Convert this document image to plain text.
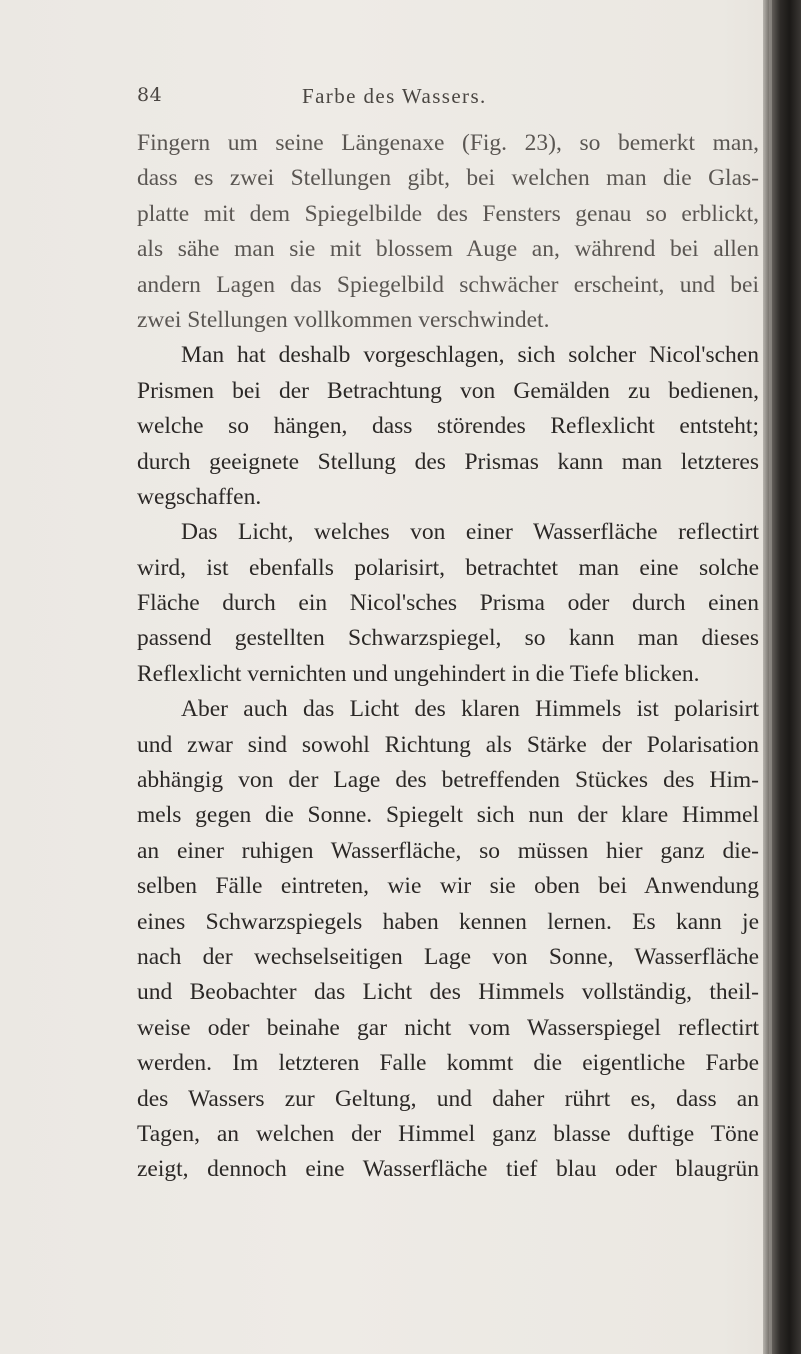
84	Farbe des Wassers.
Fingern um seine Längenaxe (Fig. 23), so bemerkt man,
dass es zwei Stellungen gibt, bei welchen man die Glas-
platte mit dem Spiegelbilde des Fensters genau so erblickt,
als sähe man sie mit blossem Auge an, während bei allen
andern Lagen das Spiegelbild schwächer erscheint, und bei
zwei Stellungen vollkommen verschwindet.
Man hat deshalb vorgeschlagen, sich solcher Nicol'schen
Prismen bei der Betrachtung von Gemälden zu bedienen,
welche so hängen, dass störendes Reflexlicht entsteht;
durch geeignete Stellung des Prismas kann man letzteres
wegschaffen.
Das Licht, welches von einer Wasserfläche reflectirt
wird, ist ebenfalls polarisirt, betrachtet man eine solche
Fläche durch ein Nicol'sches Prisma oder durch einen
passend gestellten Schwarzspiegel, so kann man dieses
Reflexlicht vernichten und ungehindert in die Tiefe blicken.
Aber auch das Licht des klaren Himmels ist polarisirt
und zwar sind sowohl Richtung als Stärke der Polarisation
abhängig von der Lage des betreffenden Stückes des Him-
mels gegen die Sonne. Spiegelt sich nun der klare Himmel
an einer ruhigen Wasserfläche, so müssen hier ganz die-
selben Fälle eintreten, wie wir sie oben bei Anwendung
eines Schwarzspiegels haben kennen lernen. Es kann je
nach der wechselseitigen Lage von Sonne, Wasserfläche
und Beobachter das Licht des Himmels vollständig, theil-
weise oder beinahe gar nicht vom Wasserspiegel reflectirt
werden. Im letzteren Falle kommt die eigentliche Farbe
des Wassers zur Geltung, und daher rührt es, dass an
Tagen, an welchen der Himmel ganz blasse duftige Töne
zeigt, dennoch eine Wasserfläche tief blau oder blaugrün
